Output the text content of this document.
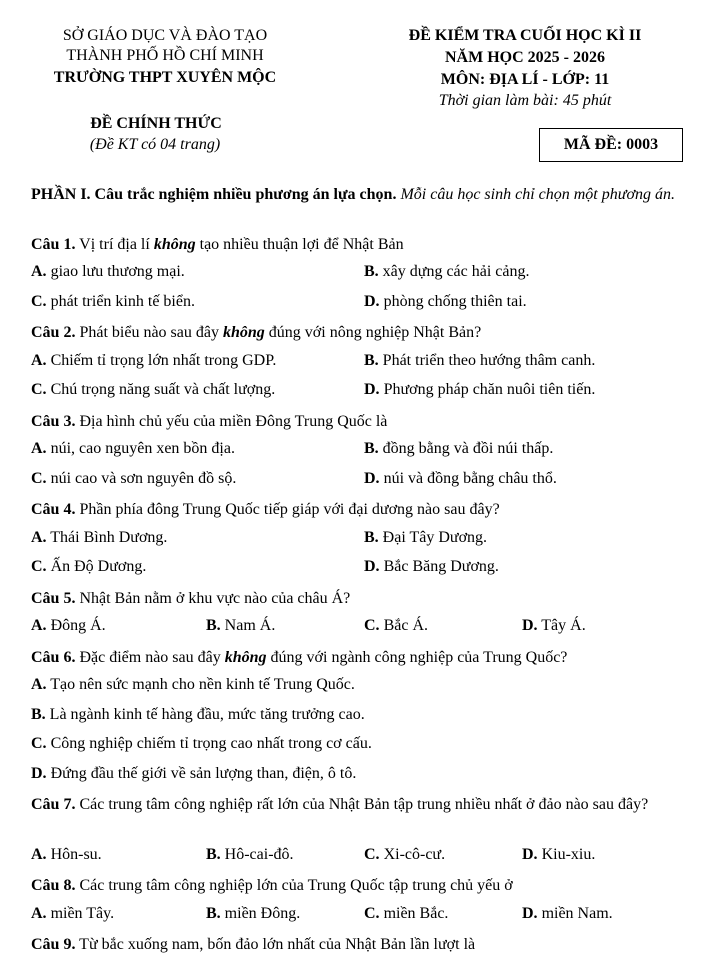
SỞ GIÁO DỤC VÀ ĐÀO TẠO
THÀNH PHỐ HỒ CHÍ MINH
TRƯỜNG THPT XUYÊN MỘC
ĐỀ CHÍNH THỨC
(Đề KT có 04 trang)
ĐỀ KIỂM TRA CUỐI HỌC KÌ II
NĂM HỌC 2025 - 2026
MÔN: ĐỊA LÍ - LỚP: 11
Thời gian làm bài: 45 phút
MÃ ĐỀ: 0003
PHẦN I. Câu trắc nghiệm nhiều phương án lựa chọn. Mỗi câu học sinh chỉ chọn một phương án.
Câu 1. Vị trí địa lí không tạo nhiều thuận lợi để Nhật Bản
A. giao lưu thương mại.	B. xây dựng các hải cảng.
C. phát triển kinh tế biển.	D. phòng chống thiên tai.
Câu 2. Phát biểu nào sau đây không đúng với nông nghiệp Nhật Bản?
A. Chiếm tỉ trọng lớn nhất trong GDP.	B. Phát triển theo hướng thâm canh.
C. Chú trọng năng suất và chất lượng.	D. Phương pháp chăn nuôi tiên tiến.
Câu 3. Địa hình chủ yếu của miền Đông Trung Quốc là
A. núi, cao nguyên xen bồn địa.	B. đồng bằng và đồi núi thấp.
C. núi cao và sơn nguyên đồ sộ.	D. núi và đồng bằng châu thổ.
Câu 4. Phần phía đông Trung Quốc tiếp giáp với đại dương nào sau đây?
A. Thái Bình Dương.	B. Đại Tây Dương.
C. Ấn Độ Dương.	D. Bắc Băng Dương.
Câu 5. Nhật Bản nằm ở khu vực nào của châu Á?
A. Đông Á.	B. Nam Á.	C. Bắc Á.	D. Tây Á.
Câu 6. Đặc điểm nào sau đây không đúng với ngành công nghiệp của Trung Quốc?
A. Tạo nên sức mạnh cho nền kinh tế Trung Quốc.
B. Là ngành kinh tế hàng đầu, mức tăng trưởng cao.
C. Công nghiệp chiếm tỉ trọng cao nhất trong cơ cấu.
D. Đứng đầu thế giới về sản lượng than, điện, ô tô.
Câu 7. Các trung tâm công nghiệp rất lớn của Nhật Bản tập trung nhiều nhất ở đảo nào sau đây?
A. Hôn-su.	B. Hô-cai-đô.	C. Xi-cô-cư.	D. Kiu-xiu.
Câu 8. Các trung tâm công nghiệp lớn của Trung Quốc tập trung chủ yếu ở
A. miền Tây.	B. miền Đông.	C. miền Bắc.	D. miền Nam.
Câu 9. Từ bắc xuống nam, bốn đảo lớn nhất của Nhật Bản lần lượt là
